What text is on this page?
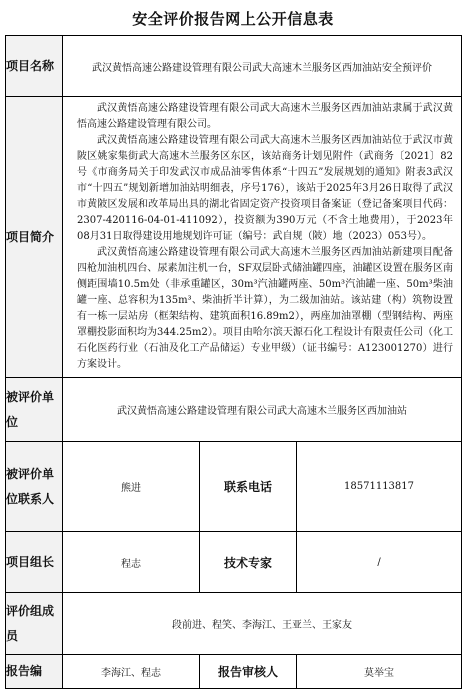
安全评价报告网上公开信息表
项目名称	武汉黄悟高速公路建设管理有限公司武大高速木兰服务区西加油站安全预评价		
项目简介	武汉黄悟高速公路建设管理有限公司武大高速木兰服务区西加油站隶属于武汉黄悟高速公路建设管理有限公司。

武汉黄悟高速公路建设管理有限公司武大高速木兰服务区西加油站位于武汉市黄陂区姚家集街武大高速木兰服务区东区，该站商务计划见附件（武商务〔2021〕82号《市商务局关于印发武汉市成品油零售体系“十四五”发展规划的通知》附表3武汉市“十四五”规划新增加油站明细表，序号176），该站于2025年3月26日取得了武汉市黄陂区发展和改革局出具的湖北省固定资产投资项目备案证（登记备案项目代码：2307-420116-04-01-411092），投资额为390万元（不含土地费用），于2023年08月31日取得建设用地规划许可证（编号：武自规（陂）地（2023）053号）。

武汉黄悟高速公路建设管理有限公司武大高速木兰服务区西加油站新建项目配备四枪加油机四台、尿素加注机一台，SF双层卧式储油罐四座，油罐区设置在服务区南侧距围墙10.5m处（非承重罐区，30m³汽油罐两座、50m³汽油罐一座、50m³柴油罐一座、总容积为135m³、柴油折半计算），为二级加油站。该站建（构）筑物设置有一栋一层站房（框架结构、建筑面积16.89m2），两座加油罩棚（型钢结构、两座罩棚投影面积均为344.25m2）。项目由哈尔滨天源石化工程设计有限责任公司（化工石化医药行业（石油及化工产品储运）专业甲级）（证书编号：A123001270）进行方案设计。		

被评价单位	武汉黄悟高速公路建设管理有限公司武大高速木兰服务区西加油站		
被评价单位联系人	熊进	联系电话	18571113817
项目组长	程志	技术专家	/
评价组成员	段前进、程笑、李海江、王亚兰、王家友		
报告编	李海江、程志	报告审核人	莫举宝
